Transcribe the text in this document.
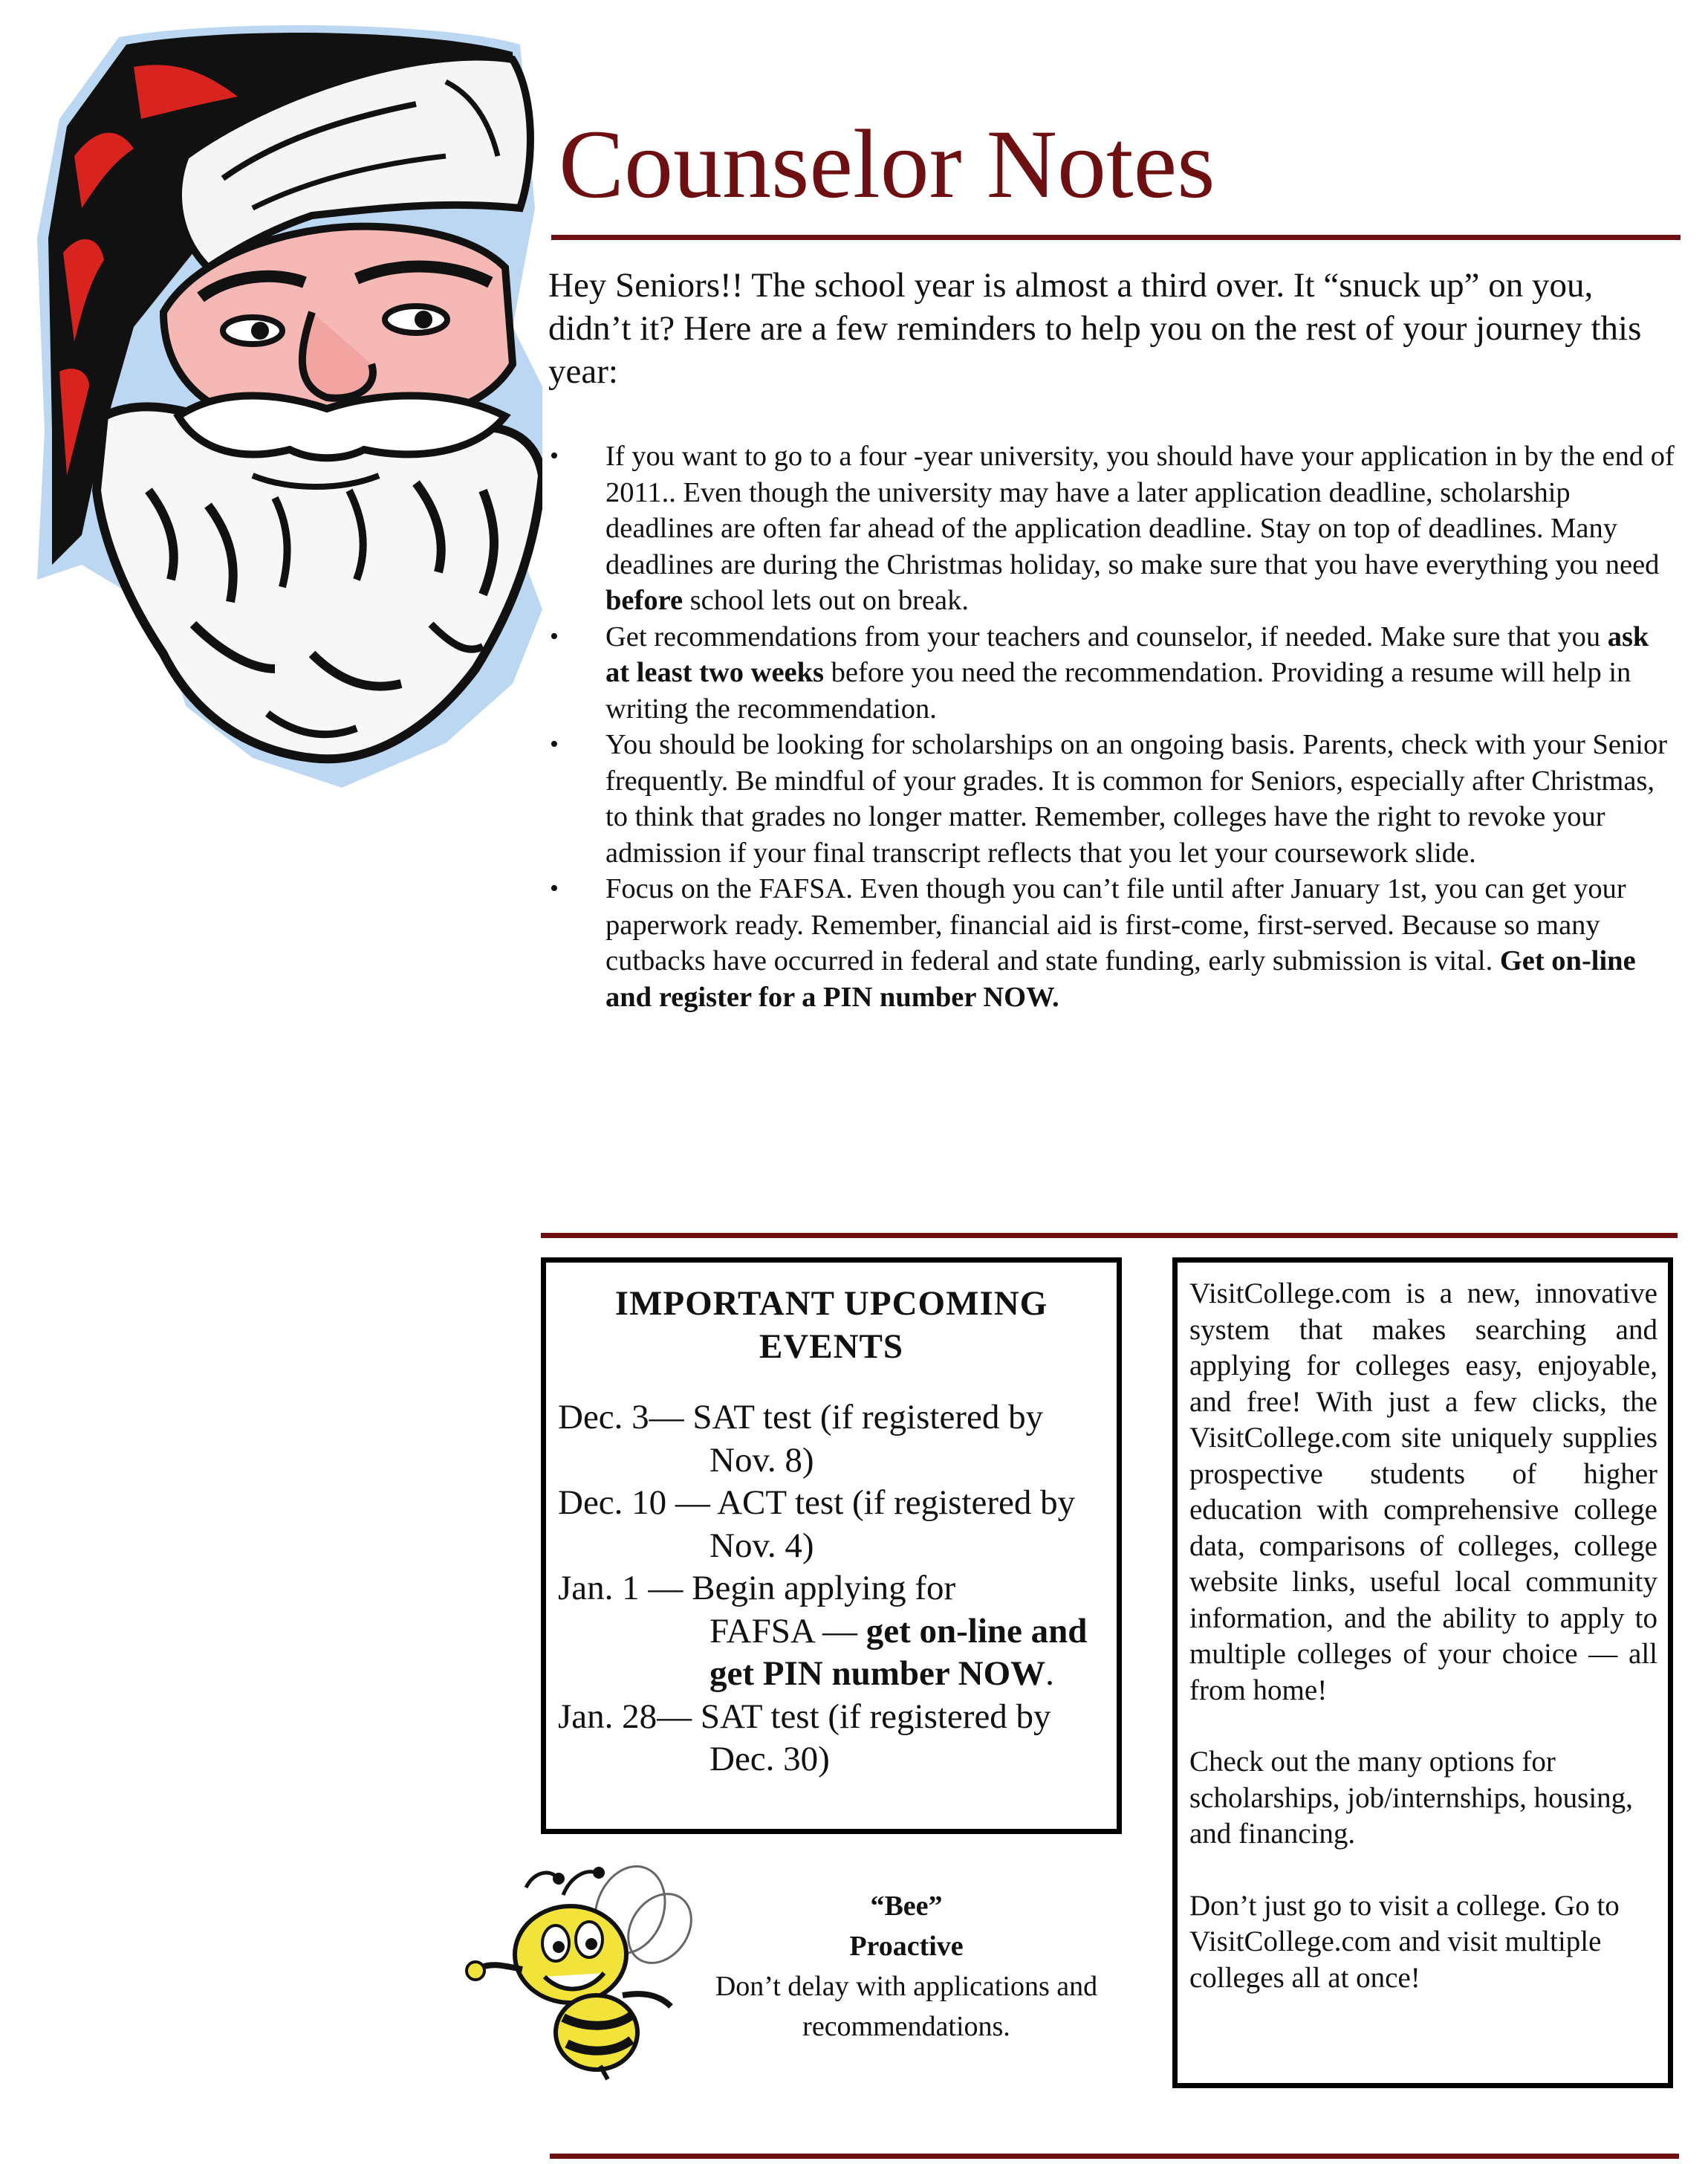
Counselor Notes
Hey Seniors!! The school year is almost a third over. It “snuck up” on you, didn’t it? Here are a few reminders to help you on the rest of your journey this year:
• If you want to go to a four -year university, you should have your application in by the end of 2011.. Even though the university may have a later application deadline, scholarship deadlines are often far ahead of the application deadline. Stay on top of deadlines. Many deadlines are during the Christmas holiday, so make sure that you have everything you need before school lets out on break.
• Get recommendations from your teachers and counselor, if needed. Make sure that you ask at least two weeks before you need the recommendation. Providing a resume will help in writing the recommendation.
• You should be looking for scholarships on an ongoing basis. Parents, check with your Senior frequently. Be mindful of your grades. It is common for Seniors, especially after Christmas, to think that grades no longer matter. Remember, colleges have the right to revoke your admission if your final transcript reflects that you let your coursework slide.
• Focus on the FAFSA. Even though you can’t file until after January 1st, you can get your paperwork ready. Remember, financial aid is first-come, first-served. Because so many cutbacks have occurred in federal and state funding, early submission is vital. Get on-line and register for a PIN number NOW.
IMPORTANT UPCOMING EVENTS
Dec. 3— SAT test (if registered by
Nov. 8)
Dec. 10 — ACT test (if registered by
Nov. 4)
Jan. 1 — Begin applying for
FAFSA — get on-line and get PIN number NOW.
Jan. 28— SAT test (if registered by
Dec. 30)

VisitCollege.com is a new, innovative system that makes searching and applying for colleges easy, enjoyable, and free! With just a few clicks, the VisitCollege.com site uniquely supplies prospective students of higher education with comprehensive college data, comparisons of colleges, college website links, useful local community information, and the ability to apply to multiple colleges of your choice — all from home!

Check out the many options for scholarships, job/internships, housing, and financing.

Don’t just go to visit a college. Go to VisitCollege.com and visit multiple colleges all at once!

“Bee”
Proactive
Don’t delay with applications and recommendations.
